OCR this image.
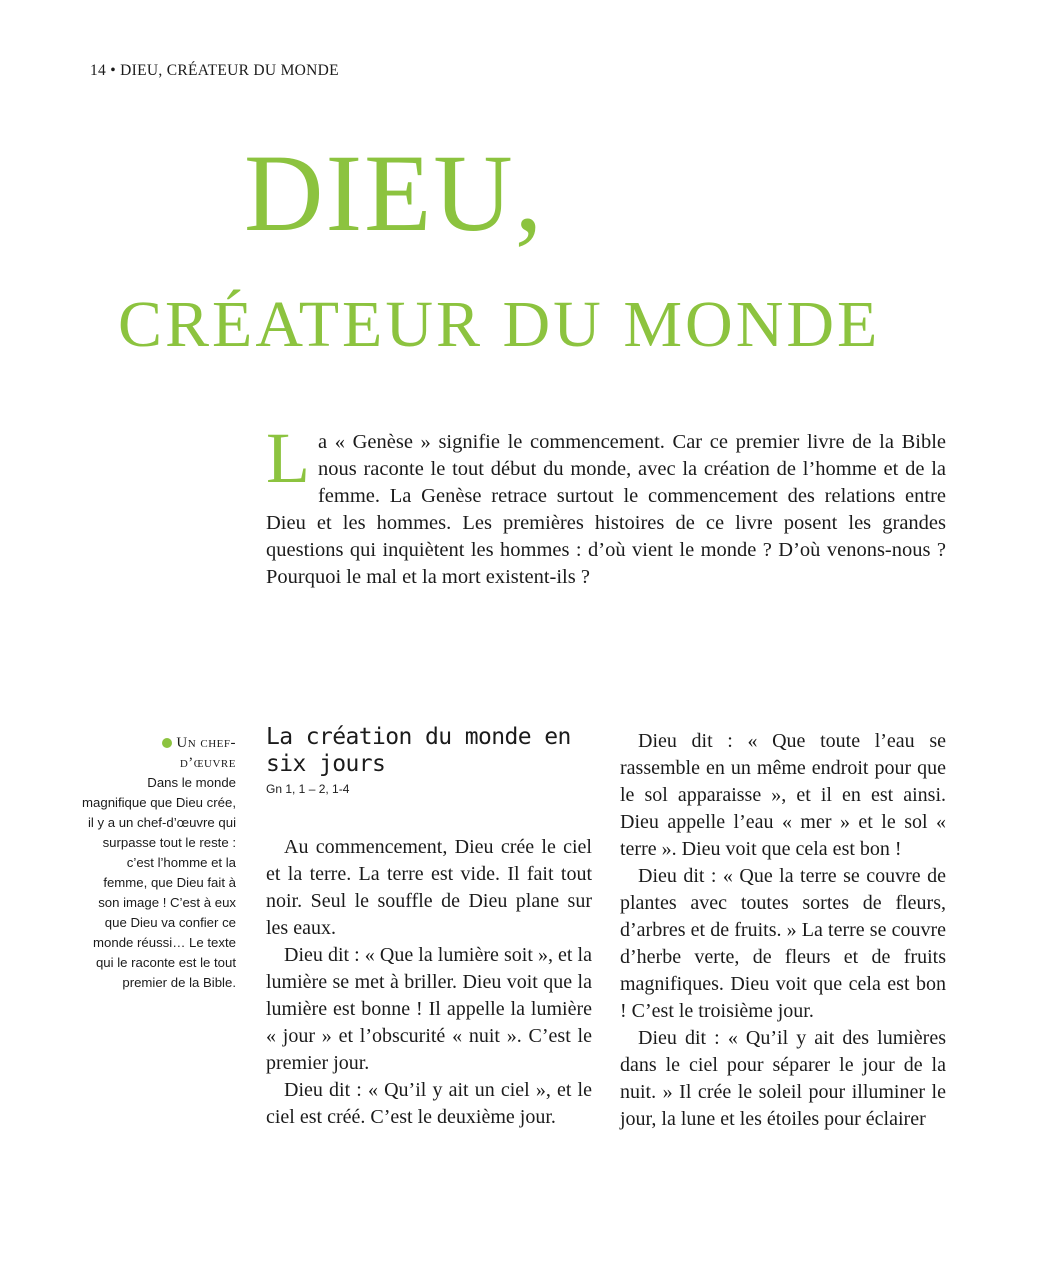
14 • DIEU, CRÉATEUR DU MONDE
DIEU,
CRÉATEUR DU MONDE

La « Genèse » signifie le commencement. Car ce premier livre de la Bible nous raconte le tout début du monde, avec la création de l’homme et de la femme. La Genèse retrace surtout le commencement des relations entre Dieu et les hommes. Les premières histoires de ce livre posent les grandes questions qui inquiètent les hommes : d’où vient le monde ? D’où venons-nous ? Pourquoi le mal et la mort existent-ils ?

Un chef-
d’œuvre
Dans le monde magnifique que Dieu crée, il y a un chef-d’œuvre qui surpasse tout le reste : c’est l’homme et la femme, que Dieu fait à son image ! C’est à eux que Dieu va confier ce monde réussi… Le texte qui le raconte est le tout premier de la Bible.
La création du monde en six jours
Gn 1, 1 – 2, 1-4

Au commencement, Dieu crée le ciel et la terre. La terre est vide. Il fait tout noir. Seul le souffle de Dieu plane sur les eaux.

Dieu dit : « Que la lumière soit », et la lumière se met à briller. Dieu voit que la lumière est bonne ! Il appelle la lumière « jour » et l’obscurité « nuit ». C’est le premier jour.

Dieu dit : « Qu’il y ait un ciel », et le ciel est créé. C’est le deuxième jour.

Dieu dit : « Que toute l’eau se rassemble en un même endroit pour que le sol apparaisse », et il en est ainsi. Dieu appelle l’eau « mer » et le sol « terre ». Dieu voit que cela est bon !

Dieu dit : « Que la terre se couvre de plantes avec toutes sortes de fleurs, d’arbres et de fruits. » La terre se couvre d’herbe verte, de fleurs et de fruits magnifiques. Dieu voit que cela est bon ! C’est le troisième jour.

Dieu dit : « Qu’il y ait des lumières dans le ciel pour séparer le jour de la nuit. » Il crée le soleil pour illuminer le jour, la lune et les étoiles pour éclairer
